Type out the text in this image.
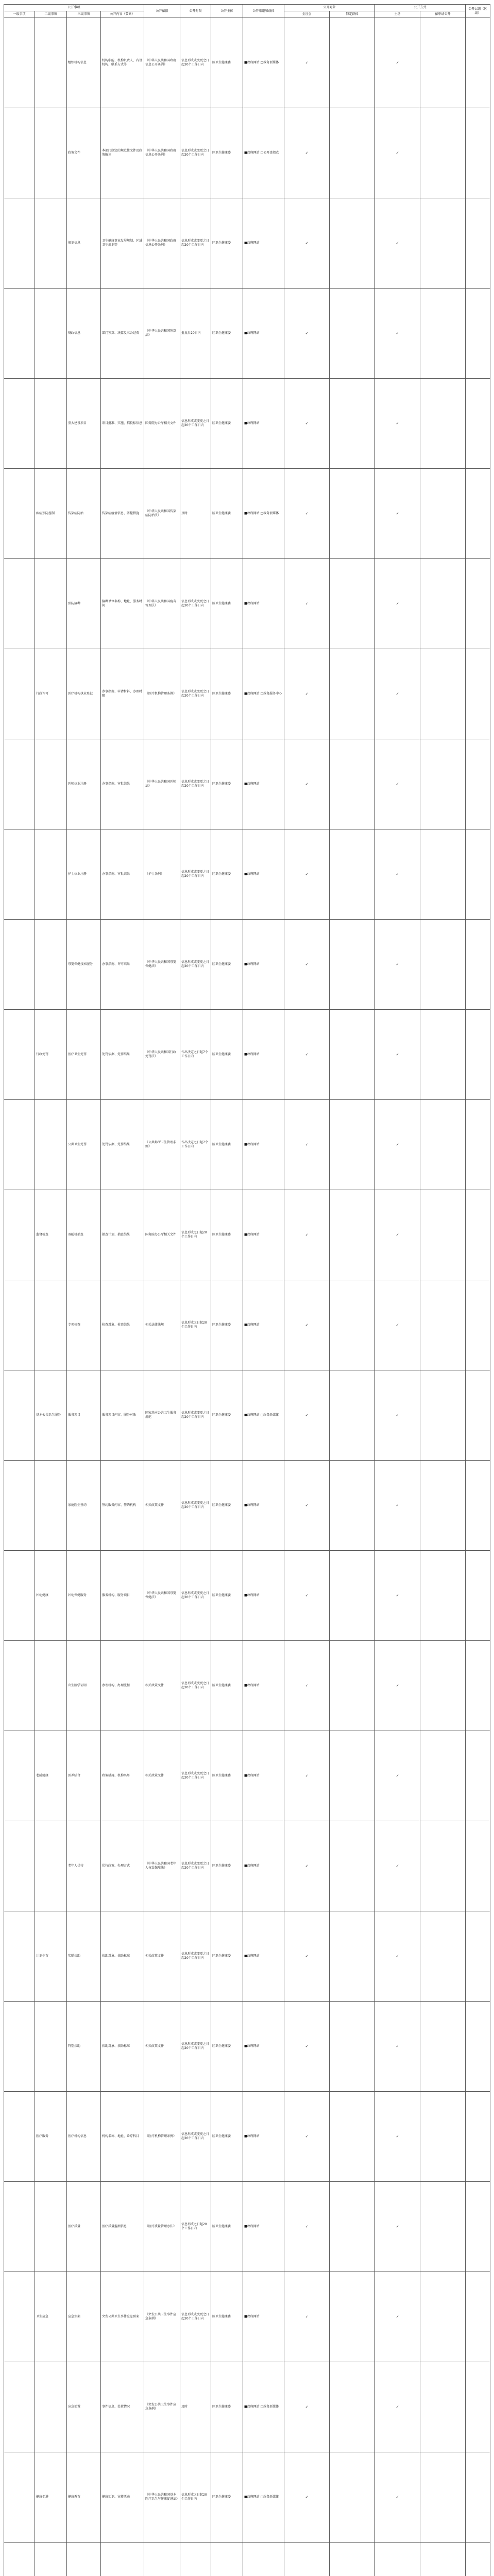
公开事项				公开依据	公开时限	公开主体	公开渠道和载体	公开对象		公开方式		公开层级（区级）
一级事项	二级事项	三级事项	公开内容（要素）					全社会	特定群体	主动	依申请公开	
		组织机构信息	机构职能、机构负责人、内设机构、联系方式等	《中华人民共和国政府信息公开条例》	信息形成或变更之日起20个工作日内	区卫生健康委	■政府网站 □政务新媒体	✓		✓		
		政策文件	本部门制定的规范性文件及政策解读	《中华人民共和国政府信息公开条例》	信息形成或变更之日起20个工作日内	区卫生健康委	■政府网站 □公开查阅点	✓		✓		
		规划信息	卫生健康事业发展规划、区域卫生规划等	《中华人民共和国政府信息公开条例》	信息形成或变更之日起20个工作日内	区卫生健康委	■政府网站	✓		✓		
		财政信息	部门预算、决算及三公经费	《中华人民共和国预算法》	批复后20日内	区卫生健康委	■政府网站	✓		✓		
		重大建设项目	项目批准、实施、招投标信息	国务院办公厅相关文件	信息形成或变更之日起20个工作日内	区卫生健康委	■政府网站	✓		✓		
	疾病预防控制	传染病防治	传染病疫情信息、防控措施	《中华人民共和国传染病防治法》	及时	区卫生健康委	■政府网站 □政务新媒体	✓		✓		
		预防接种	接种单位名称、地址、服务时间	《中华人民共和国疫苗管理法》	信息形成或变更之日起20个工作日内	区卫生健康委	■政府网站	✓		✓		
	行政许可	医疗机构执业登记	办事指南、申请材料、办理时限	《医疗机构管理条例》	信息形成或变更之日起20个工作日内	区卫生健康委	■政府网站 □政务服务中心	✓		✓		
		医师执业注册	办事指南、审批结果	《中华人民共和国医师法》	信息形成或变更之日起20个工作日内	区卫生健康委	■政府网站	✓		✓		
		护士执业注册	办事指南、审批结果	《护士条例》	信息形成或变更之日起20个工作日内	区卫生健康委	■政府网站	✓		✓		
		母婴保健技术服务	办事指南、许可结果	《中华人民共和国母婴保健法》	信息形成或变更之日起20个工作日内	区卫生健康委	■政府网站	✓		✓		
	行政处罚	医疗卫生处罚	处罚依据、处罚结果	《中华人民共和国行政处罚法》	作出决定之日起7个工作日内	区卫生健康委	■政府网站	✓		✓		
		公共卫生处罚	处罚依据、处罚结果	《公共场所卫生管理条例》	作出决定之日起7个工作日内	区卫生健康委	■政府网站	✓		✓		
	监督检查	双随机抽查	抽查计划、抽查结果	国务院办公厅相关文件	信息形成之日起20个工作日内	区卫生健康委	■政府网站	✓		✓		
		专项检查	检查对象、检查结果	相关法律法规	信息形成之日起20个工作日内	区卫生健康委	■政府网站	✓		✓		
	基本公共卫生服务	服务项目	服务项目内容、服务对象	国家基本公共卫生服务规范	信息形成或变更之日起20个工作日内	区卫生健康委	■政府网站 □政务新媒体	✓		✓		
		家庭医生签约	签约服务内容、签约机构	相关政策文件	信息形成或变更之日起20个工作日内	区卫生健康委	■政府网站	✓		✓		
	妇幼健康	妇幼保健服务	服务机构、服务项目	《中华人民共和国母婴保健法》	信息形成或变更之日起20个工作日内	区卫生健康委	■政府网站	✓		✓		
		出生医学证明	办理机构、办理流程	相关政策文件	信息形成或变更之日起20个工作日内	区卫生健康委	■政府网站	✓		✓		
	老龄健康	医养结合	政策措施、机构名单	相关政策文件	信息形成或变更之日起20个工作日内	区卫生健康委	■政府网站	✓		✓		
		老年人优待	优待政策、办理方式	《中华人民共和国老年人权益保障法》	信息形成或变更之日起20个工作日内	区卫生健康委	■政府网站	✓		✓		
	计划生育	奖励扶助	扶助对象、扶助标准	相关政策文件	信息形成或变更之日起20个工作日内	区卫生健康委	■政府网站	✓		✓		
		特别扶助	扶助对象、扶助标准	相关政策文件	信息形成或变更之日起20个工作日内	区卫生健康委	■政府网站	✓		✓		
	医疗服务	医疗机构信息	机构名称、地址、诊疗科目	《医疗机构管理条例》	信息形成或变更之日起20个工作日内	区卫生健康委	■政府网站	✓		✓		
		医疗质量	医疗质量监测信息	《医疗质量管理办法》	信息形成之日起20个工作日内	区卫生健康委	■政府网站	✓		✓		
	卫生应急	应急预案	突发公共卫生事件应急预案	《突发公共卫生事件应急条例》	信息形成或变更之日起20个工作日内	区卫生健康委	■政府网站	✓		✓		
		应急处置	事件信息、处置情况	《突发公共卫生事件应急条例》	及时	区卫生健康委	■政府网站 □政务新媒体	✓		✓		
	健康促进	健康教育	健康知识、宣传活动	《中华人民共和国基本医疗卫生与健康促进法》	信息形成之日起20个工作日内	区卫生健康委	■政府网站 □政务新媒体	✓		✓		
